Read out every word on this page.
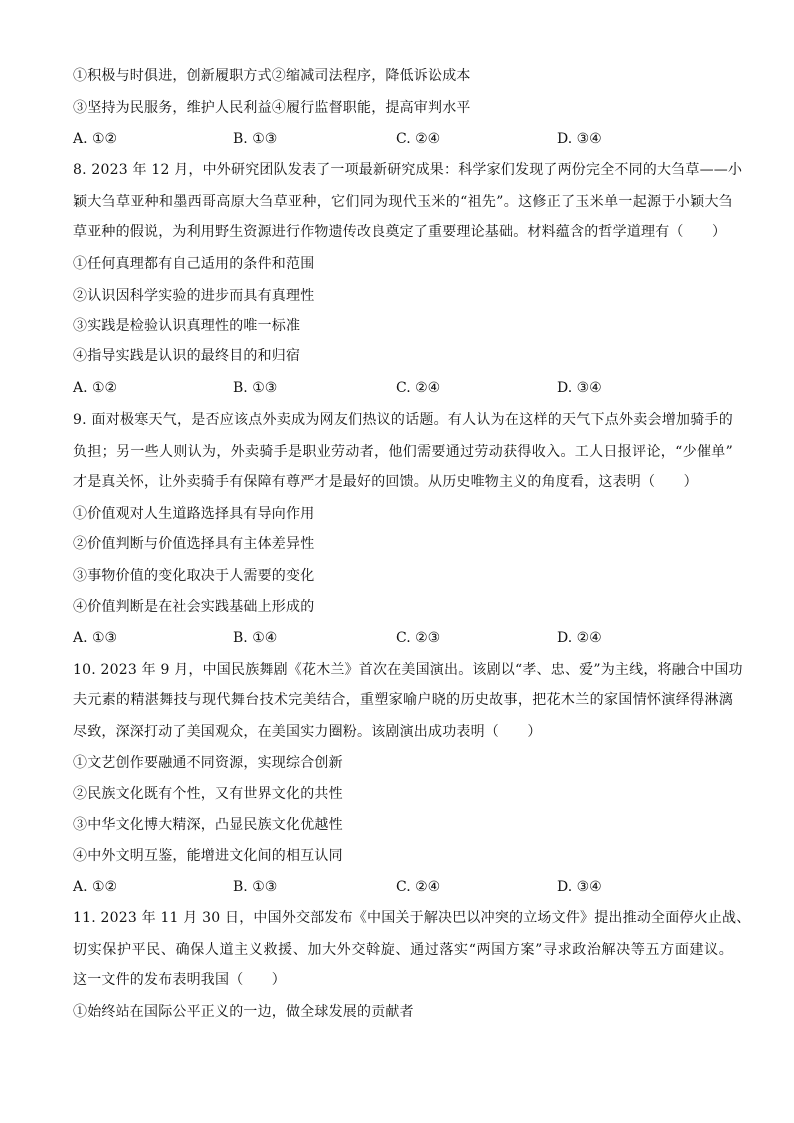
①积极与时俱进，创新履职方式②缩减司法程序，降低诉讼成本
③坚持为民服务，维护人民利益④履行监督职能，提高审判水平
A. ①②	B. ①③	C. ②④	D. ③④
8. 2023 年 12 月，中外研究团队发表了一项最新研究成果：科学家们发现了两份完全不同的大刍草——小
颖大刍草亚种和墨西哥高原大刍草亚种，它们同为现代玉米的“祖先”。这修正了玉米单一起源于小颖大刍
草亚种的假说，为利用野生资源进行作物遗传改良奠定了重要理论基础。材料蕴含的哲学道理有（　　）
①任何真理都有自己适用的条件和范围
②认识因科学实验的进步而具有真理性
③实践是检验认识真理性的唯一标准
④指导实践是认识的最终目的和归宿
A. ①②	B. ①③	C. ②④	D. ③④
9. 面对极寒天气，是否应该点外卖成为网友们热议的话题。有人认为在这样的天气下点外卖会增加骑手的
负担；另一些人则认为，外卖骑手是职业劳动者，他们需要通过劳动获得收入。工人日报评论，“少催单”
才是真关怀，让外卖骑手有保障有尊严才是最好的回馈。从历史唯物主义的角度看，这表明（　　）
①价值观对人生道路选择具有导向作用
②价值判断与价值选择具有主体差异性
③事物价值的变化取决于人需要的变化
④价值判断是在社会实践基础上形成的
A. ①③	B. ①④	C. ②③	D. ②④
10. 2023 年 9 月，中国民族舞剧《花木兰》首次在美国演出。该剧以“孝、忠、爱”为主线，将融合中国功
夫元素的精湛舞技与现代舞台技术完美结合，重塑家喻户晓的历史故事，把花木兰的家国情怀演绎得淋漓
尽致，深深打动了美国观众，在美国实力圈粉。该剧演出成功表明（　　）
①文艺创作要融通不同资源，实现综合创新
②民族文化既有个性，又有世界文化的共性
③中华文化博大精深，凸显民族文化优越性
④中外文明互鉴，能增进文化间的相互认同
A. ①②	B. ①③	C. ②④	D. ③④
11. 2023 年 11 月 30 日，中国外交部发布《中国关于解决巴以冲突的立场文件》提出推动全面停火止战、
切实保护平民、确保人道主义救援、加大外交斡旋、通过落实“两国方案”寻求政治解决等五方面建议。
这一文件的发布表明我国（　　）
①始终站在国际公平正义的一边，做全球发展的贡献者
